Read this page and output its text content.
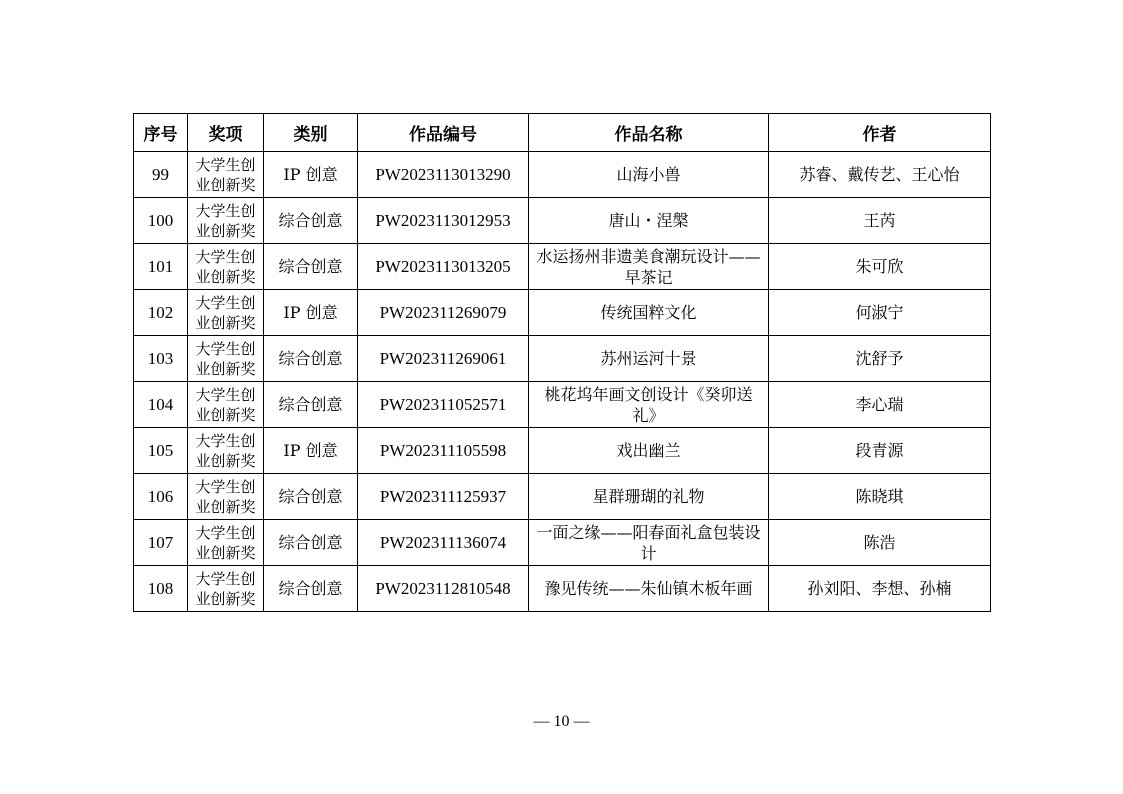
序号	奖项	类别	作品编号	作品名称	作者
99	大学生创业创新奖	IP 创意	PW2023113013290	山海小兽	苏睿、戴传艺、王心怡
100	大学生创业创新奖	综合创意	PW2023113012953	唐山・涅槃	王芮
101	大学生创业创新奖	综合创意	PW2023113013205	水运扬州非遗美食潮玩设计——早茶记	朱可欣
102	大学生创业创新奖	IP 创意	PW202311269079	传统国粹文化	何淑宁
103	大学生创业创新奖	综合创意	PW202311269061	苏州运河十景	沈舒予
104	大学生创业创新奖	综合创意	PW202311052571	桃花坞年画文创设计《癸卯送礼》	李心瑞
105	大学生创业创新奖	IP 创意	PW202311105598	戏出幽兰	段青源
106	大学生创业创新奖	综合创意	PW202311125937	星群珊瑚的礼物	陈晓琪
107	大学生创业创新奖	综合创意	PW202311136074	一面之缘——阳春面礼盒包装设计	陈浩
108	大学生创业创新奖	综合创意	PW2023112810548	豫见传统——朱仙镇木板年画	孙刘阳、李想、孙楠
— 10 —
